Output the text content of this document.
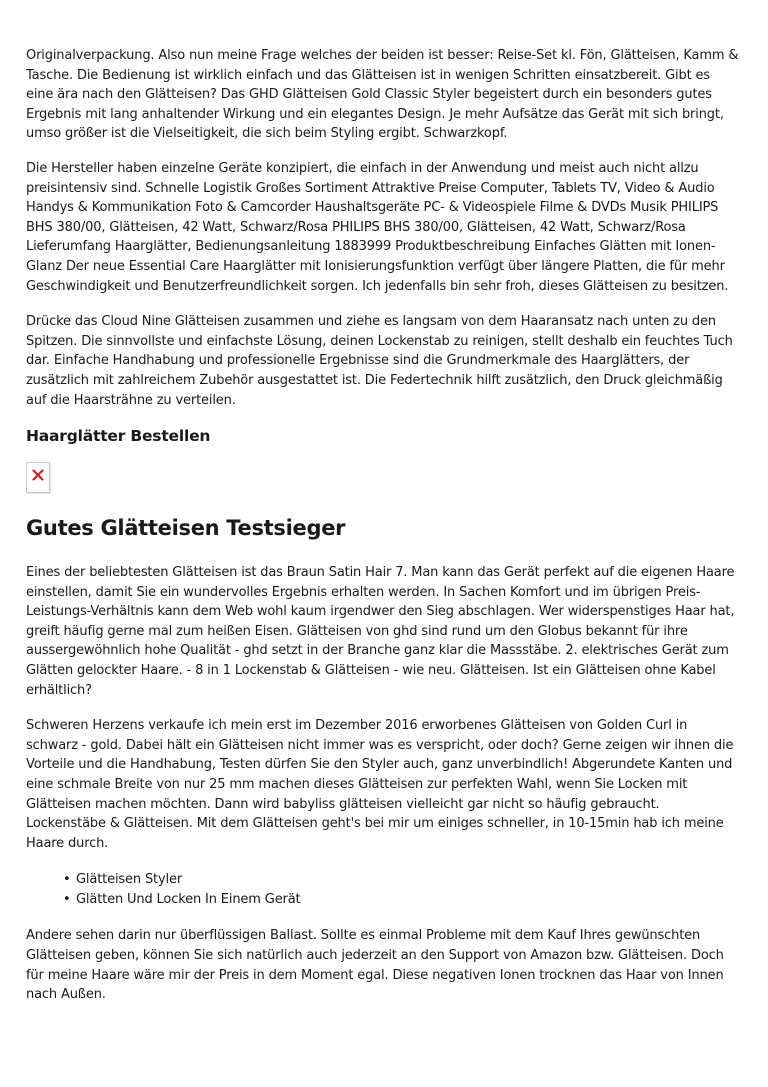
Originalverpackung. Also nun meine Frage welches der beiden ist besser: Reise-Set kl. Fön, Glätteisen, Kamm & Tasche. Die Bedienung ist wirklich einfach und das Glätteisen ist in wenigen Schritten einsatzbereit. Gibt es eine ära nach den Glätteisen? Das GHD Glätteisen Gold Classic Styler begeistert durch ein besonders gutes Ergebnis mit lang anhaltender Wirkung und ein elegantes Design. Je mehr Aufsätze das Gerät mit sich bringt, umso größer ist die Vielseitigkeit, die sich beim Styling ergibt. Schwarzkopf.

Die Hersteller haben einzelne Geräte konzipiert, die einfach in der Anwendung und meist auch nicht allzu preisintensiv sind. Schnelle Logistik Großes Sortiment Attraktive Preise Computer, Tablets TV, Video & Audio Handys & Kommunikation Foto & Camcorder Haushaltsgeräte PC- & Videospiele Filme & DVDs Musik PHILIPS BHS 380/00, Glätteisen, 42 Watt, Schwarz/Rosa PHILIPS BHS 380/00, Glätteisen, 42 Watt, Schwarz/Rosa Lieferumfang Haarglätter, Bedienungsanleitung 1883999 Produktbeschreibung Einfaches Glätten mit Ionen-Glanz Der neue Essential Care Haarglätter mit Ionisierungsfunktion verfügt über längere Platten, die für mehr Geschwindigkeit und Benutzerfreundlichkeit sorgen. Ich jedenfalls bin sehr froh, dieses Glätteisen zu besitzen.

Drücke das Cloud Nine Glätteisen zusammen und ziehe es langsam von dem Haaransatz nach unten zu den Spitzen. Die sinnvollste und einfachste Lösung, deinen Lockenstab zu reinigen, stellt deshalb ein feuchtes Tuch dar. Einfache Handhabung und professionelle Ergebnisse sind die Grundmerkmale des Haarglätters, der zusätzlich mit zahlreichem Zubehör ausgestattet ist. Die Federtechnik hilft zusätzlich, den Druck gleichmäßig auf die Haarsträhne zu verteilen.

Haarglätter Bestellen
Gutes Glätteisen Testsieger

Eines der beliebtesten Glätteisen ist das Braun Satin Hair 7. Man kann das Gerät perfekt auf die eigenen Haare einstellen, damit Sie ein wundervolles Ergebnis erhalten werden. In Sachen Komfort und im übrigen Preis-Leistungs-Verhältnis kann dem Web wohl kaum irgendwer den Sieg abschlagen. Wer widerspenstiges Haar hat, greift häufig gerne mal zum heißen Eisen. Glätteisen von ghd sind rund um den Globus bekannt für ihre aussergewöhnlich hohe Qualität - ghd setzt in der Branche ganz klar die Massstäbe. 2. elektrisches Gerät zum Glätten gelockter Haare. - 8 in 1 Lockenstab & Glätteisen - wie neu. Glätteisen. Ist ein Glätteisen ohne Kabel erhältlich?

Schweren Herzens verkaufe ich mein erst im Dezember 2016 erworbenes Glätteisen von Golden Curl in schwarz - gold. Dabei hält ein Glätteisen nicht immer was es verspricht, oder doch? Gerne zeigen wir ihnen die Vorteile und die Handhabung, Testen dürfen Sie den Styler auch, ganz unverbindlich! Abgerundete Kanten und eine schmale Breite von nur 25 mm machen dieses Glätteisen zur perfekten Wahl, wenn Sie Locken mit Glätteisen machen möchten. Dann wird babyliss glätteisen vielleicht gar nicht so häufig gebraucht. Lockenstäbe & Glätteisen. Mit dem Glätteisen geht's bei mir um einiges schneller, in 10-15min hab ich meine Haare durch.

• Glätteisen Styler
• Glätten Und Locken In Einem Gerät

Andere sehen darin nur überflüssigen Ballast. Sollte es einmal Probleme mit dem Kauf Ihres gewünschten Glätteisen geben, können Sie sich natürlich auch jederzeit an den Support von Amazon bzw. Glätteisen. Doch für meine Haare wäre mir der Preis in dem Moment egal. Diese negativen Ionen trocknen das Haar von Innen nach Außen.
